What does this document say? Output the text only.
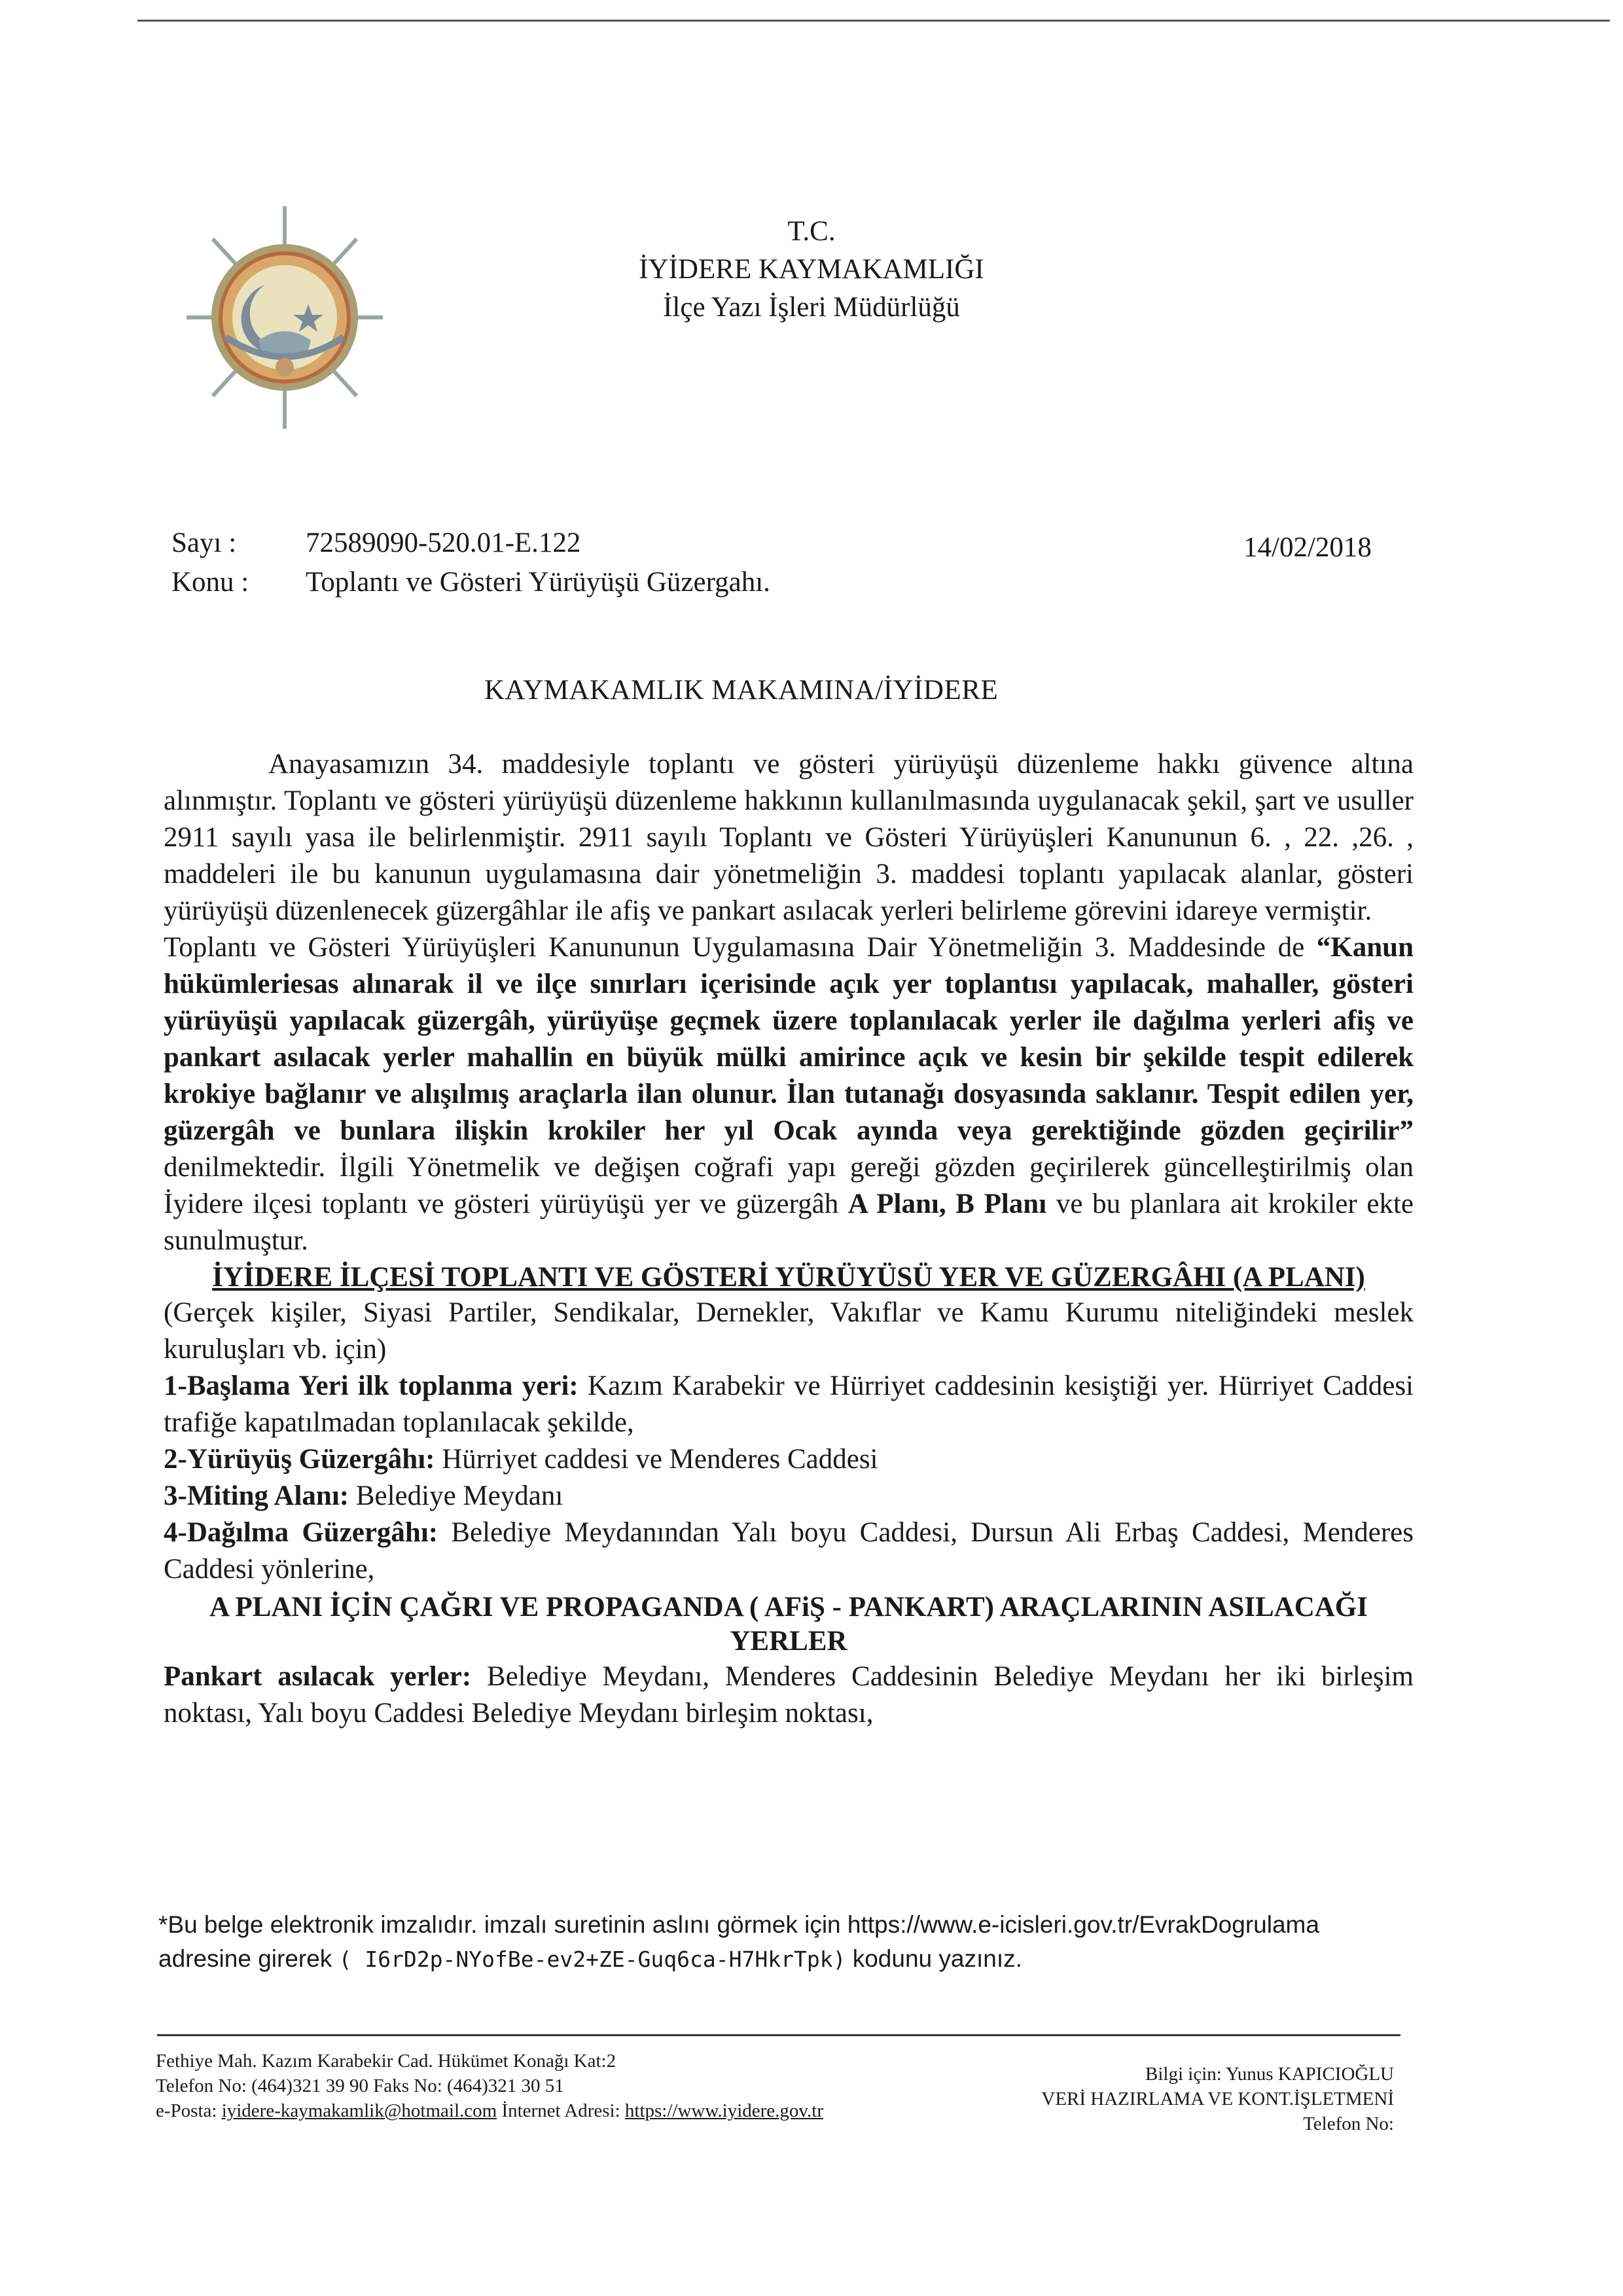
T.C.
İYİDERE KAYMAKAMLIĞI
İlçe Yazı İşleri Müdürlüğü
Sayı :	72589090-520.01-E.122
Konu :	Toplantı ve Gösteri Yürüyüşü Güzergahı.
14/02/2018
KAYMAKAMLIK MAKAMINA/İYİDERE

Anayasamızın 34. maddesiyle toplantı ve gösteri yürüyüşü düzenleme hakkı güvence altına alınmıştır. Toplantı ve gösteri yürüyüşü düzenleme hakkının kullanılmasında uygulanacak şekil, şart ve usuller 2911 sayılı yasa ile belirlenmiştir. 2911 sayılı Toplantı ve Gösteri Yürüyüşleri Kanununun 6. , 22. ,26. , maddeleri ile bu kanunun uygulamasına dair yönetmeliğin 3. maddesi toplantı yapılacak alanlar, gösteri yürüyüşü düzenlenecek güzergâhlar ile afiş ve pankart asılacak yerleri belirleme görevini idareye vermiştir.

Toplantı ve Gösteri Yürüyüşleri Kanununun Uygulamasına Dair Yönetmeliğin 3. Maddesinde de “Kanun hükümleriesas alınarak il ve ilçe sınırları içerisinde açık yer toplantısı yapılacak, mahaller, gösteri yürüyüşü yapılacak güzergâh, yürüyüşe geçmek üzere toplanılacak yerler ile dağılma yerleri afiş ve pankart asılacak yerler mahallin en büyük mülki amirince açık ve kesin bir şekilde tespit edilerek krokiye bağlanır ve alışılmış araçlarla ilan olunur. İlan tutanağı dosyasında saklanır. Tespit edilen yer, güzergâh ve bunlara ilişkin krokiler her yıl Ocak ayında veya gerektiğinde gözden geçirilir” denilmektedir. İlgili Yönetmelik ve değişen coğrafi yapı gereği gözden geçirilerek güncelleştirilmiş olan İyidere ilçesi toplantı ve gösteri yürüyüşü yer ve güzergâh A Planı, B Planı ve bu planlara ait krokiler ekte sunulmuştur.

İYİDERE İLÇESİ TOPLANTI VE GÖSTERİ YÜRÜYÜSÜ YER VE GÜZERGÂHI (A PLANI)

(Gerçek kişiler, Siyasi Partiler, Sendikalar, Dernekler, Vakıflar ve Kamu Kurumu niteliğindeki meslek kuruluşları vb. için)

1-Başlama Yeri ilk toplanma yeri: Kazım Karabekir ve Hürriyet caddesinin kesiştiği yer. Hürriyet Caddesi trafiğe kapatılmadan toplanılacak şekilde,

2-Yürüyüş Güzergâhı: Hürriyet caddesi ve Menderes Caddesi

3-Miting Alanı: Belediye Meydanı

4-Dağılma Güzergâhı: Belediye Meydanından Yalı boyu Caddesi, Dursun Ali Erbaş Caddesi, Menderes Caddesi yönlerine,

A PLANI İÇİN ÇAĞRI VE PROPAGANDA ( AFiŞ - PANKART) ARAÇLARININ ASILACAĞI YERLER

Pankart asılacak yerler: Belediye Meydanı, Menderes Caddesinin Belediye Meydanı her iki birleşim noktası, Yalı boyu Caddesi Belediye Meydanı birleşim noktası,

*Bu belge elektronik imzalıdır. imzalı suretinin aslını görmek için https://www.e-icisleri.gov.tr/EvrakDogrulama adresine girerek ( I6rD2p-NYofBe-ev2+ZE-Guq6ca-H7HkrTpk) kodunu yazınız.
Fethiye Mah. Kazım Karabekir Cad. Hükümet Konağı Kat:2
Telefon No: (464)321 39 90 Faks No: (464)321 30 51
e-Posta: iyidere-kaymakamlik@hotmail.com İnternet Adresi: https://www.iyidere.gov.tr
Bilgi için: Yunus KAPICIOĞLU
VERİ HAZIRLAMA VE KONT.İŞLETMENİ
Telefon No:
